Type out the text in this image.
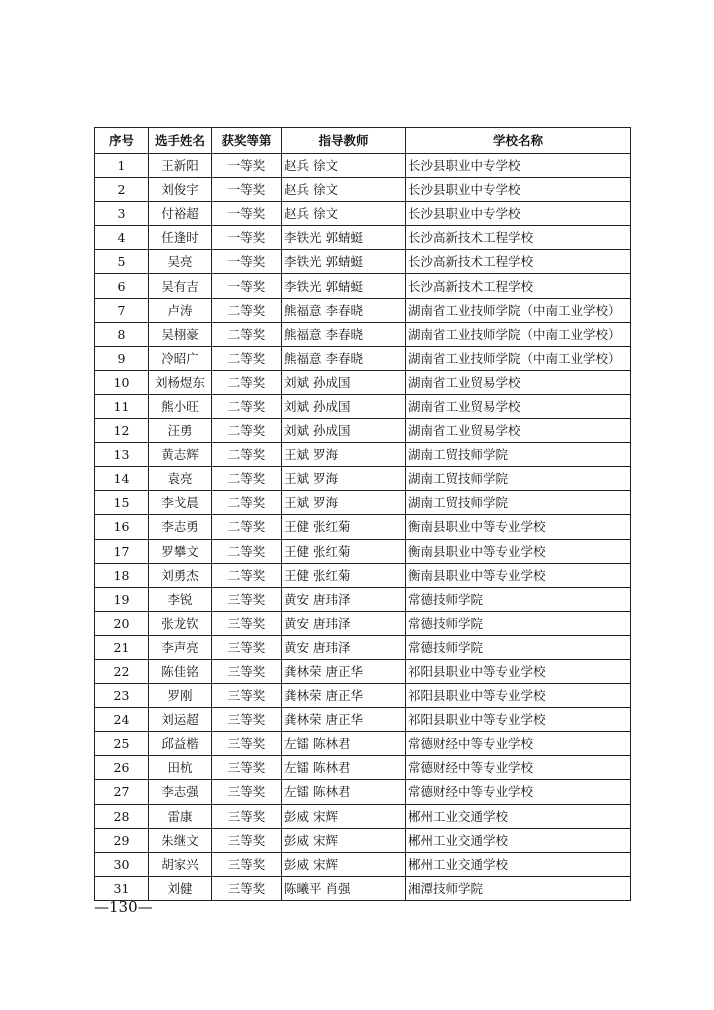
序号	选手姓名	获奖等第	指导教师	学校名称
1	王新阳	一等奖	赵兵 徐文	长沙县职业中专学校
2	刘俊宇	一等奖	赵兵 徐文	长沙县职业中专学校
3	付裕超	一等奖	赵兵 徐文	长沙县职业中专学校
4	任逢时	一等奖	李铁光 郭蜻蜓	长沙高新技术工程学校
5	吴亮	一等奖	李铁光 郭蜻蜓	长沙高新技术工程学校
6	吴有吉	一等奖	李铁光 郭蜻蜓	长沙高新技术工程学校
7	卢涛	二等奖	熊福意 李春晓	湖南省工业技师学院（中南工业学校）
8	吴栩豪	二等奖	熊福意 李春晓	湖南省工业技师学院（中南工业学校）
9	冷昭广	二等奖	熊福意 李春晓	湖南省工业技师学院（中南工业学校）
10	刘杨煜东	二等奖	刘斌 孙成国	湖南省工业贸易学校
11	熊小旺	二等奖	刘斌 孙成国	湖南省工业贸易学校
12	汪勇	二等奖	刘斌 孙成国	湖南省工业贸易学校
13	黄志辉	二等奖	王斌 罗海	湖南工贸技师学院
14	袁亮	二等奖	王斌 罗海	湖南工贸技师学院
15	李戈晨	二等奖	王斌 罗海	湖南工贸技师学院
16	李志勇	二等奖	王健 张红菊	衡南县职业中等专业学校
17	罗攀文	二等奖	王健 张红菊	衡南县职业中等专业学校
18	刘勇杰	二等奖	王健 张红菊	衡南县职业中等专业学校
19	李锐	三等奖	黄安 唐玮泽	常德技师学院
20	张龙钦	三等奖	黄安 唐玮泽	常德技师学院
21	李声亮	三等奖	黄安 唐玮泽	常德技师学院
22	陈佳铭	三等奖	龚林荣 唐正华	祁阳县职业中等专业学校
23	罗刚	三等奖	龚林荣 唐正华	祁阳县职业中等专业学校
24	刘运超	三等奖	龚林荣 唐正华	祁阳县职业中等专业学校
25	邱益楷	三等奖	左镭 陈林君	常德财经中等专业学校
26	田杭	三等奖	左镭 陈林君	常德财经中等专业学校
27	李志强	三等奖	左镭 陈林君	常德财经中等专业学校
28	雷康	三等奖	彭威 宋辉	郴州工业交通学校
29	朱继文	三等奖	彭威 宋辉	郴州工业交通学校
30	胡家兴	三等奖	彭威 宋辉	郴州工业交通学校
31	刘健	三等奖	陈曦平 肖强	湘潭技师学院
—130—
